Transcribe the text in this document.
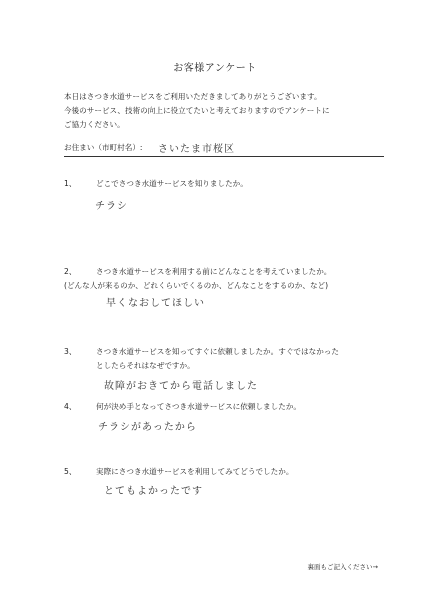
お客様アンケート
本日はさつき水道サービスをご利用いただきましてありがとうございます。
今後のサービス、技術の向上に役立てたいと考えておりますのでアンケートに
ご協力ください。
お住まい（市町村名）: さいたま市桜区
1、	どこでさつき水道サービスを知りましたか。
チラシ
2、	さつき水道サービスを利用する前にどんなことを考えていましたか。
(どんな人が来るのか、どれくらいでくるのか、どんなことをするのか、など)
早くなおしてほしい
3、	さつき水道サービスを知ってすぐに依頼しましたか。すぐではなかった
としたらそれはなぜですか。
故障がおきてから電話しました
4、	何が決め手となってさつき水道サービスに依頼しましたか。
チラシがあったから
5、	実際にさつき水道サービスを利用してみてどうでしたか。
とてもよかったです
裏面もご記入ください→
